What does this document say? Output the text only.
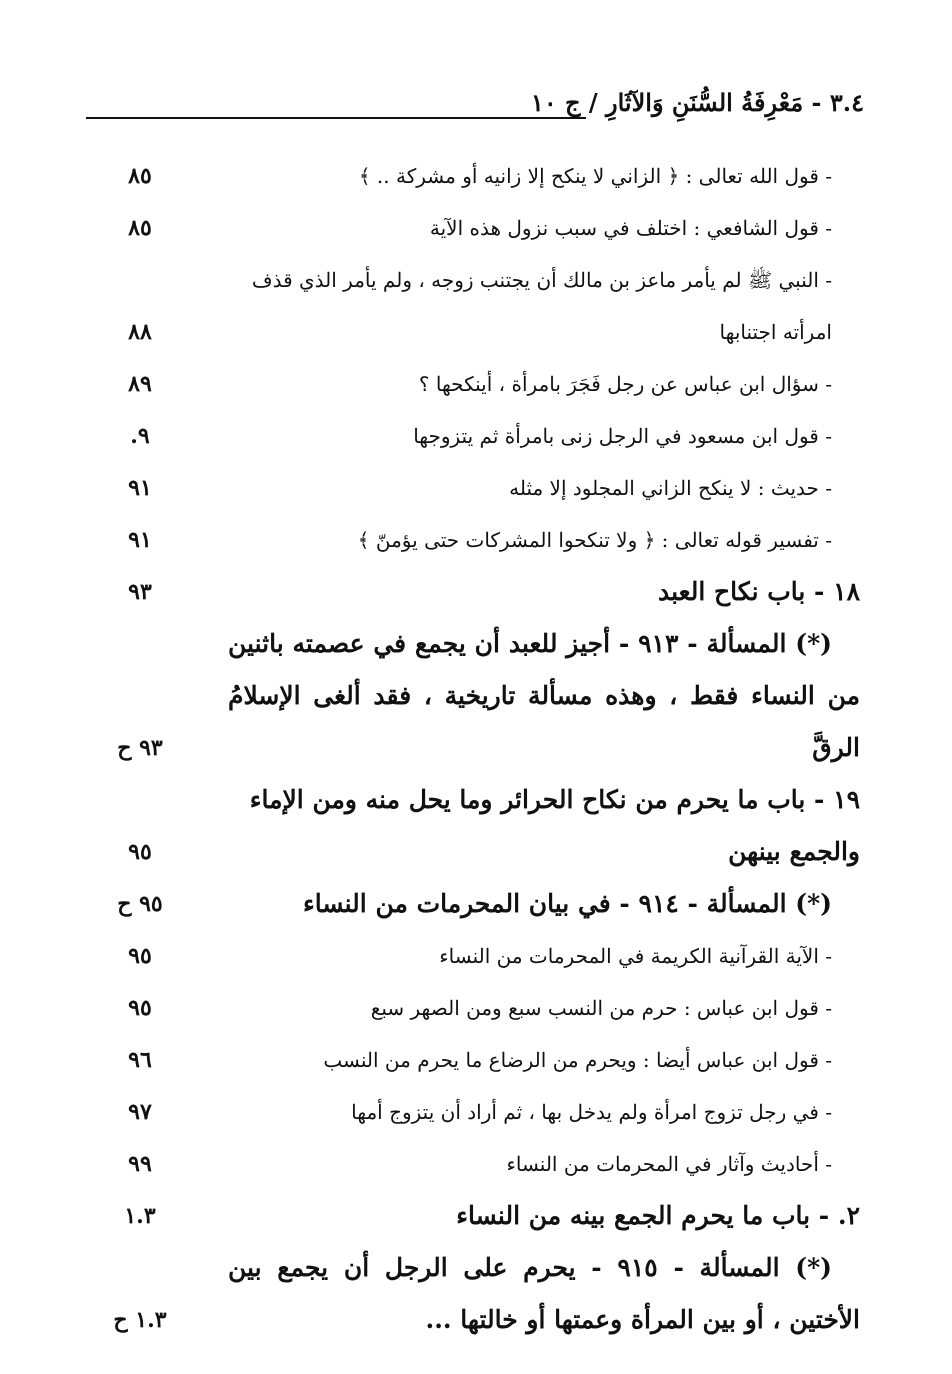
٣.٤ - مَعْرِفَةُ السُّنَنِ وَالآثَارِ / ج ١٠
- قول الله تعالى : ﴿ الزاني لا ينكح إلا زانيه أو مشركة .. ﴾
٨٥
- قول الشافعي : اختلف في سبب نزول هذه الآية
٨٥
- النبي ﷺ لم يأمر ماعز بن مالك أن يجتنب زوجه ، ولم يأمر الذي قذف امرأته اجتنابها
٨٨
- سؤال ابن عباس عن رجل فَجَرَ بامرأة ، أينكحها ؟
٨٩
- قول ابن مسعود في الرجل زنى بامرأة ثم يتزوجها
٩.
- حديث : لا ينكح الزاني المجلود إلا مثله
٩١
- تفسير قوله تعالى : ﴿ ولا تنكحوا المشركات حتى يؤمنّ ﴾
٩١
١٨ - باب نكاح العبد
٩٣
(*) المسألة - ٩١٣ - أجيز للعبد أن يجمع في عصمته باثنين من النساء فقط ، وهذه مسألة تاريخية ، فقد ألغى الإسلامُ الرقَّ
٩٣ ح
١٩ - باب ما يحرم من نكاح الحرائر وما يحل منه ومن الإماء والجمع بينهن
٩٥
(*) المسألة - ٩١٤ - في بيان المحرمات من النساء
٩٥ ح
- الآية القرآنية الكريمة في المحرمات من النساء
٩٥
- قول ابن عباس : حرم من النسب سبع ومن الصهر سبع
٩٥
- قول ابن عباس أيضا : ويحرم من الرضاع ما يحرم من النسب
٩٦
- في رجل تزوج امرأة ولم يدخل بها ، ثم أراد أن يتزوج أمها
٩٧
- أحاديث وآثار في المحرمات من النساء
٩٩
٢. - باب ما يحرم الجمع بينه من النساء
١.٣
(*) المسألة - ٩١٥ - يحرم على الرجل أن يجمع بين الأختين ، أو بين المرأة وعمتها أو خالتها ...
١.٣ ح
